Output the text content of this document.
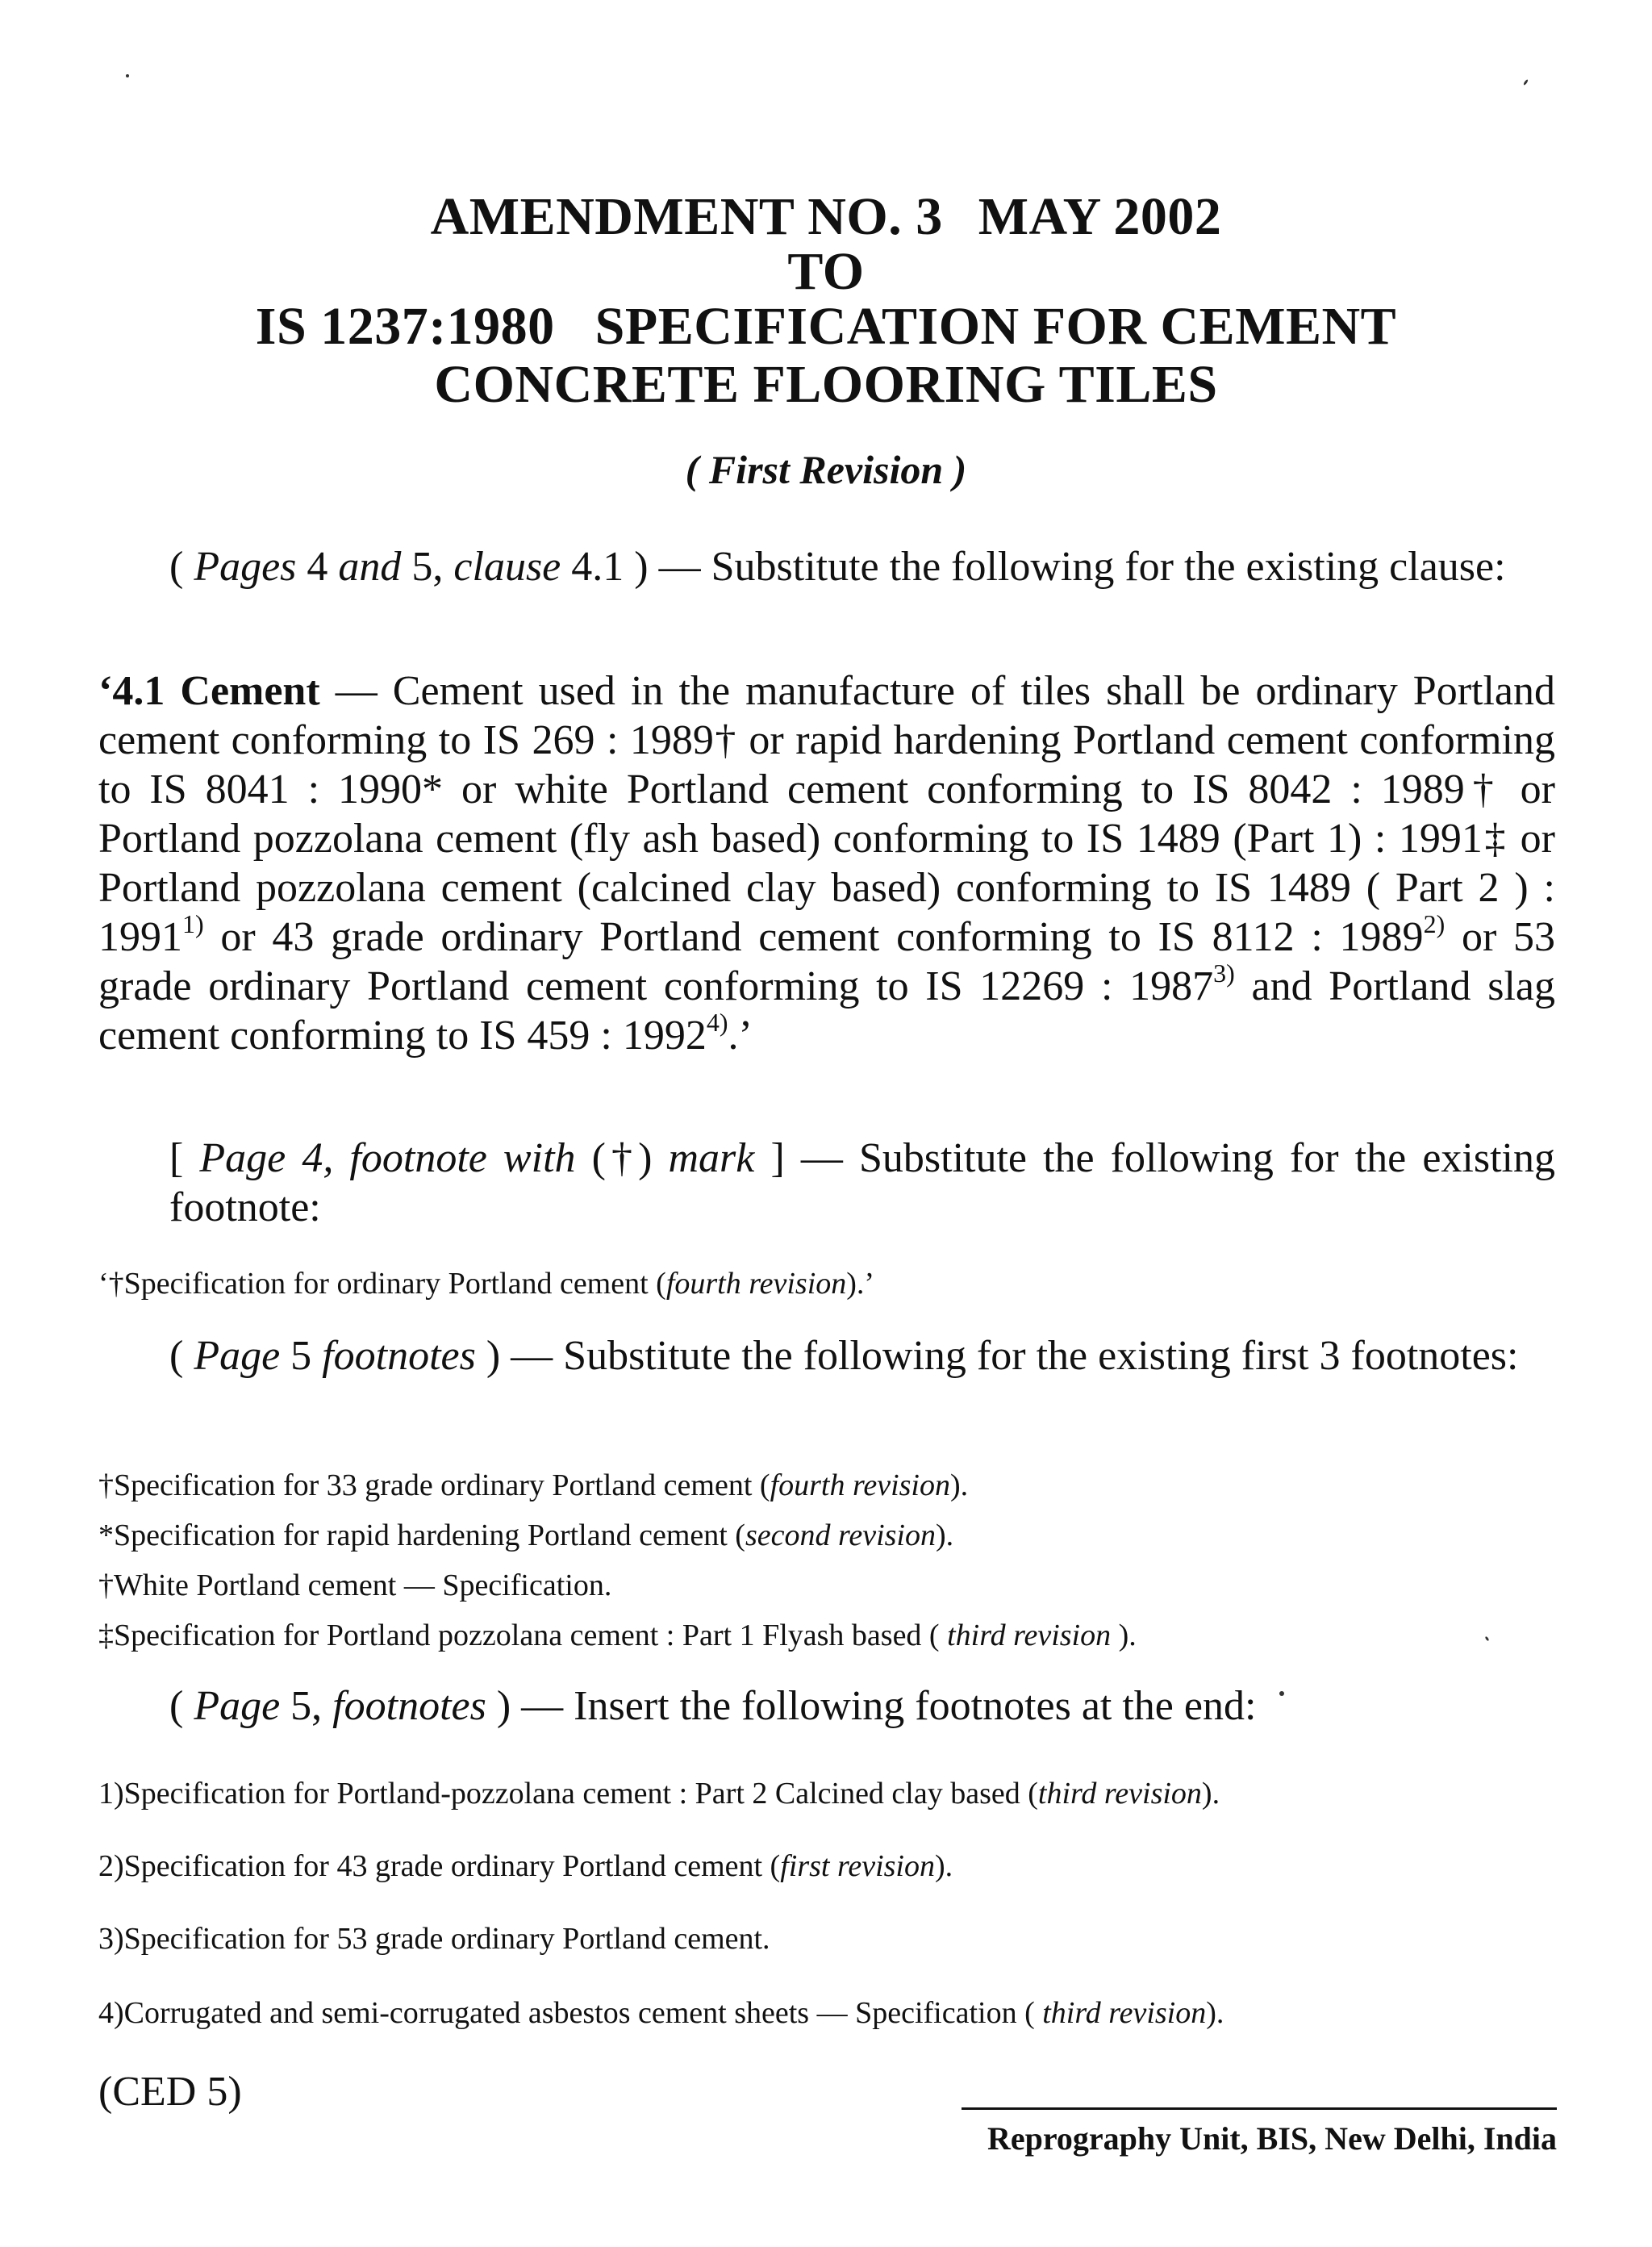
AMENDMENT NO. 3 MAY 2002
TO
IS 1237:1980 SPECIFICATION FOR CEMENT
CONCRETE FLOORING TILES
( First Revision )
( Pages 4 and 5, clause 4.1 ) — Substitute the following for the existing clause:
‘4.1 Cement — Cement used in the manufacture of tiles shall be ordinary Portland cement conforming to IS 269 : 1989† or rapid hardening Portland cement conforming to IS 8041 : 1990* or white Portland cement conforming to IS 8042 : 1989† or Portland pozzolana cement (fly ash based) conforming to IS 1489 (Part 1) : 1991‡ or Portland pozzolana cement (calcined clay based) conforming to IS 1489 ( Part 2 ) : 1991$^{1)}$ or 43 grade ordinary Portland cement conforming to IS 8112 : 1989$^{2)}$ or 53 grade ordinary Portland cement conforming to IS 12269 : 1987$^{3)}$ and Portland slag cement conforming to IS 459 : 1992$^{4)}$.’
[ Page 4, footnote with (†) mark ] — Substitute the following for the existing footnote:
‘†Specification for ordinary Portland cement (fourth revision).’
( Page 5 footnotes ) — Substitute the following for the existing first 3 footnotes:
†Specification for 33 grade ordinary Portland cement (fourth revision).
*Specification for rapid hardening Portland cement (second revision).
†White Portland cement — Specification.
‡Specification for Portland pozzolana cement : Part 1 Flyash based ( third revision ).
( Page 5, footnotes ) — Insert the following footnotes at the end:
1)Specification for Portland-pozzolana cement : Part 2 Calcined clay based (third revision).
2)Specification for 43 grade ordinary Portland cement (first revision).
3)Specification for 53 grade ordinary Portland cement.
4)Corrugated and semi-corrugated asbestos cement sheets — Specification ( third revision).
(CED 5)
Reprography Unit, BIS, New Delhi, India
